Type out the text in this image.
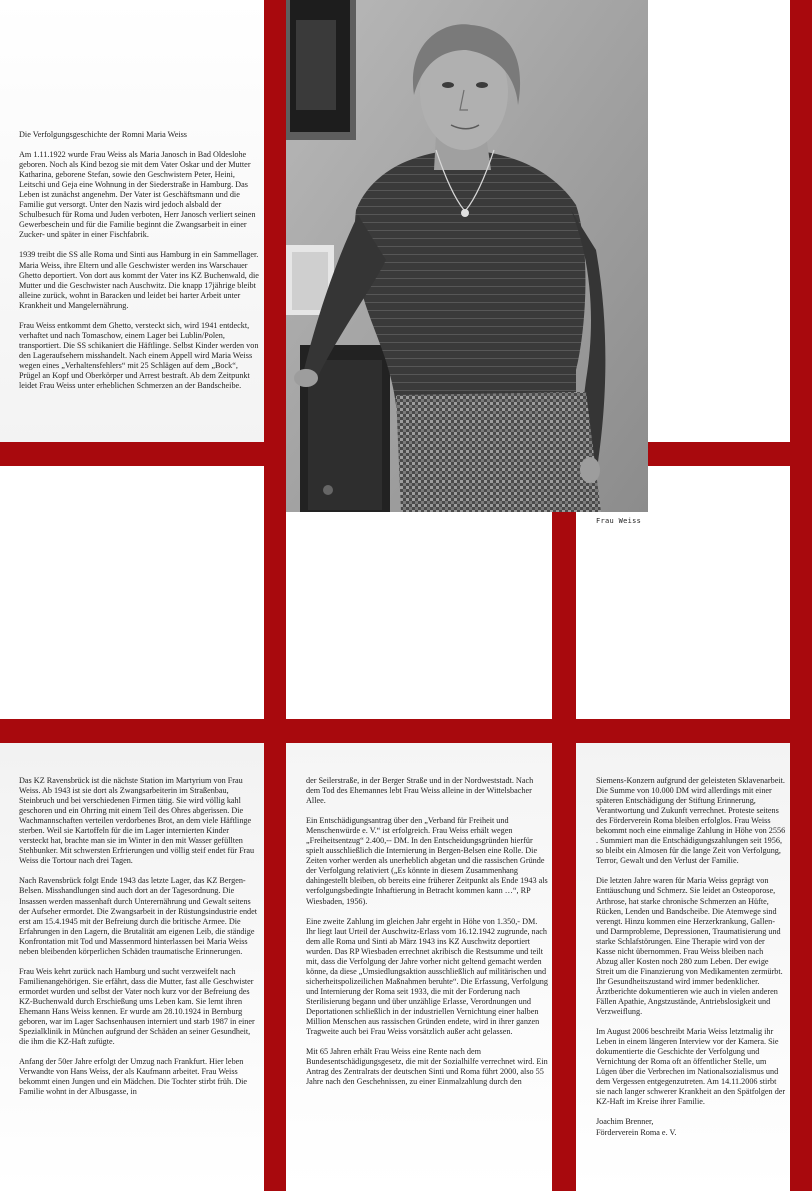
Frau Weiss
Die Verfolgungsgeschichte der Romni Maria Weiss

Am 1.11.1922 wurde Frau Weiss als Maria Janosch in Bad Oldeslohe geboren. Noch als Kind bezog sie mit dem Vater Oskar und der Mutter Katharina, geborene Stefan, sowie den Geschwistern Peter, Heini, Leitschi und Geja eine Wohnung in der Siederstraße in Hamburg. Das Leben ist zunächst angenehm. Der Vater ist Geschäftsmann und die Familie gut versorgt. Unter den Nazis wird jedoch alsbald der Schulbesuch für Roma und Juden verboten, Herr Janosch verliert seinen Gewerbeschein und für die Familie beginnt die Zwangsarbeit in einer Zucker- und später in einer Fischfabrik.

1939 treibt die SS alle Roma und Sinti aus Hamburg in ein Sammellager. Maria Weiss, ihre Eltern und alle Geschwister werden ins Warschauer Ghetto deportiert. Von dort aus kommt der Vater ins KZ Buchenwald, die Mutter und die Geschwister nach Auschwitz. Die knapp 17jährige bleibt alleine zurück, wohnt in Baracken und leidet bei harter Arbeit unter Krankheit und Mangelernährung.

Frau Weiss entkommt dem Ghetto, versteckt sich, wird 1941 entdeckt, verhaftet und nach Tomaschow, einem Lager bei Lublin/Polen, transportiert. Die SS schikaniert die Häftlinge. Selbst Kinder werden von den Lageraufsehern misshandelt. Nach einem Appell wird Maria Weiss wegen eines „Verhaltensfehlers“ mit 25 Schlägen auf dem „Bock“, Prügel an Kopf und Oberkörper und Arrest bestraft. Ab dem Zeitpunkt leidet Frau Weiss unter erheblichen Schmerzen an der Bandscheibe.

Das KZ Ravensbrück ist die nächste Station im Martyrium von Frau Weiss. Ab 1943 ist sie dort als Zwangsarbeiterin im Straßenbau, Steinbruch und bei verschiedenen Firmen tätig. Sie wird völlig kahl geschoren und ein Ohrring mit einem Teil des Ohres abgerissen. Die Wachmannschaften verteilen verdorbenes Brot, an dem viele Häftlinge sterben. Weil sie Kartoffeln für die im Lager internierten Kinder versteckt hat, brachte man sie im Winter in den mit Wasser gefüllten Stehbunker. Mit schwersten Erfrierungen und völlig steif endet für Frau Weiss die Tortour nach drei Tagen.

Nach Ravensbrück folgt Ende 1943 das letzte Lager, das KZ Bergen-Belsen. Misshandlungen sind auch dort an der Tagesordnung. Die Insassen werden massenhaft durch Unterernährung und Gewalt seitens der Aufseher ermordet. Die Zwangsarbeit in der Rüstungsindustrie endet erst am 15.4.1945 mit der Befreiung durch die britische Armee. Die Erfahrungen in den Lagern, die Brutalität am eigenen Leib, die ständige Konfrontation mit Tod und Massenmord hinterlassen bei Maria Weiss neben bleibenden körperlichen Schäden traumatische Erinnerungen.

Frau Weis kehrt zurück nach Hamburg und sucht verzweifelt nach Familienangehörigen. Sie erfährt, dass die Mutter, fast alle Geschwister ermordet wurden und selbst der Vater noch kurz vor der Befreiung des KZ-Buchenwald durch Erschießung ums Leben kam. Sie lernt ihren Ehemann Hans Weiss kennen. Er wurde am 28.10.1924 in Bernburg geboren, war im Lager Sachsenhausen interniert und starb 1987 in einer Spezialklinik in München aufgrund der Schäden an seiner Gesundheit, die ihm die KZ-Haft zufügte.

Anfang der 50er Jahre erfolgt der Umzug nach Frankfurt. Hier leben Verwandte von Hans Weiss, der als Kaufmann arbeitet. Frau Weiss bekommt einen Jungen und ein Mädchen. Die Tochter stirbt früh. Die Familie wohnt in der Albusgasse, in

der Seilerstraße, in der Berger Straße und in der Nordweststadt. Nach dem Tod des Ehemannes lebt Frau Weiss alleine in der Wittelsbacher Allee.

Ein Entschädigungsantrag über den „Verband für Freiheit und Menschenwürde e. V.“ ist erfolgreich. Frau Weiss erhält wegen „Freiheitsentzug“ 2.400,-- DM. In den Entscheidungsgründen hierfür spielt ausschließlich die Internierung in Bergen-Belsen eine Rolle. Die Zeiten vorher werden als unerheblich abgetan und die rassischen Gründe der Verfolgung relativiert („Es könnte in diesem Zusammenhang dahingestellt bleiben, ob bereits eine früherer Zeitpunkt als Ende 1943 als verfolgungsbedingte Inhaftierung in Betracht kommen kann …“, RP Wiesbaden, 1956).

Eine zweite Zahlung im gleichen Jahr ergeht in Höhe von 1.350,- DM. Ihr liegt laut Urteil der Auschwitz-Erlass vom 16.12.1942 zugrunde, nach dem alle Roma und Sinti ab März 1943 ins KZ Auschwitz deportiert wurden. Das RP Wiesbaden errechnet akribisch die Restsumme und teilt mit, dass die Verfolgung der Jahre vorher nicht geltend gemacht werden könne, da diese „Umsiedlungsaktion ausschließlich auf militärischen und sicherheitspolizeilichen Maßnahmen beruhte“. Die Erfassung, Verfolgung und Internierung der Roma seit 1933, die mit der Forderung nach Sterilisierung begann und über unzählige Erlasse, Verordnungen und Deportationen schließlich in der industriellen Vernichtung einer halben Million Menschen aus rassischen Gründen endete, wird in ihrer ganzen Tragweite auch bei Frau Weiss vorsätzlich außer acht gelassen.

Mit 65 Jahren erhält Frau Weiss eine Rente nach dem Bundesentschädigungsgesetz, die mit der Sozialhilfe verrechnet wird. Ein Antrag des Zentralrats der deutschen Sinti und Roma führt 2000, also 55 Jahre nach den Geschehnissen, zu einer Einmalzahlung durch den

Siemens-Konzern aufgrund der geleisteten Sklavenarbeit. Die Summe von 10.000 DM wird allerdings mit einer späteren Entschädigung der Stiftung Erinnerung, Verantwortung und Zukunft verrechnet. Proteste seitens des Förderverein Roma bleiben erfolglos. Frau Weiss bekommt noch eine einmalige Zahlung in Höhe von 2556 . Summiert man die Entschädigungszahlungen seit 1956, so bleibt ein Almosen für die lange Zeit von Verfolgung, Terror, Gewalt und den Verlust der Familie.

Die letzten Jahre waren für Maria Weiss geprägt von Enttäuschung und Schmerz. Sie leidet an Osteoporose, Arthrose, hat starke chronische Schmerzen an Hüfte, Rücken, Lenden und Bandscheibe. Die Atemwege sind verengt. Hinzu kommen eine Herzerkrankung, Gallen- und Darmprobleme, Depressionen, Traumatisierung und starke Schlafstörungen. Eine Therapie wird von der Kasse nicht übernommen. Frau Weiss bleiben nach Abzug aller Kosten noch 280 zum Leben. Der ewige Streit um die Finanzierung von Medikamenten zermürbt. Ihr Gesundheitszustand wird immer bedenklicher. Ärztberichte dokumentieren wie auch in vielen anderen Fällen Apathie, Angstzustände, Antriebslosigkeit und Verzweiflung.

Im August 2006 beschreibt Maria Weiss letztmalig ihr Leben in einem längeren Interview vor der Kamera. Sie dokumentierte die Geschichte der Verfolgung und Vernichtung der Roma oft an öffentlicher Stelle, um Lügen über die Verbrechen im Nationalsozialismus und dem Vergessen entgegenzutreten. Am 14.11.2006 stirbt sie nach langer schwerer Krankheit an den Spätfolgen der KZ-Haft im Kreise ihrer Familie.

Joachim Brenner,
Förderverein Roma e. V.
